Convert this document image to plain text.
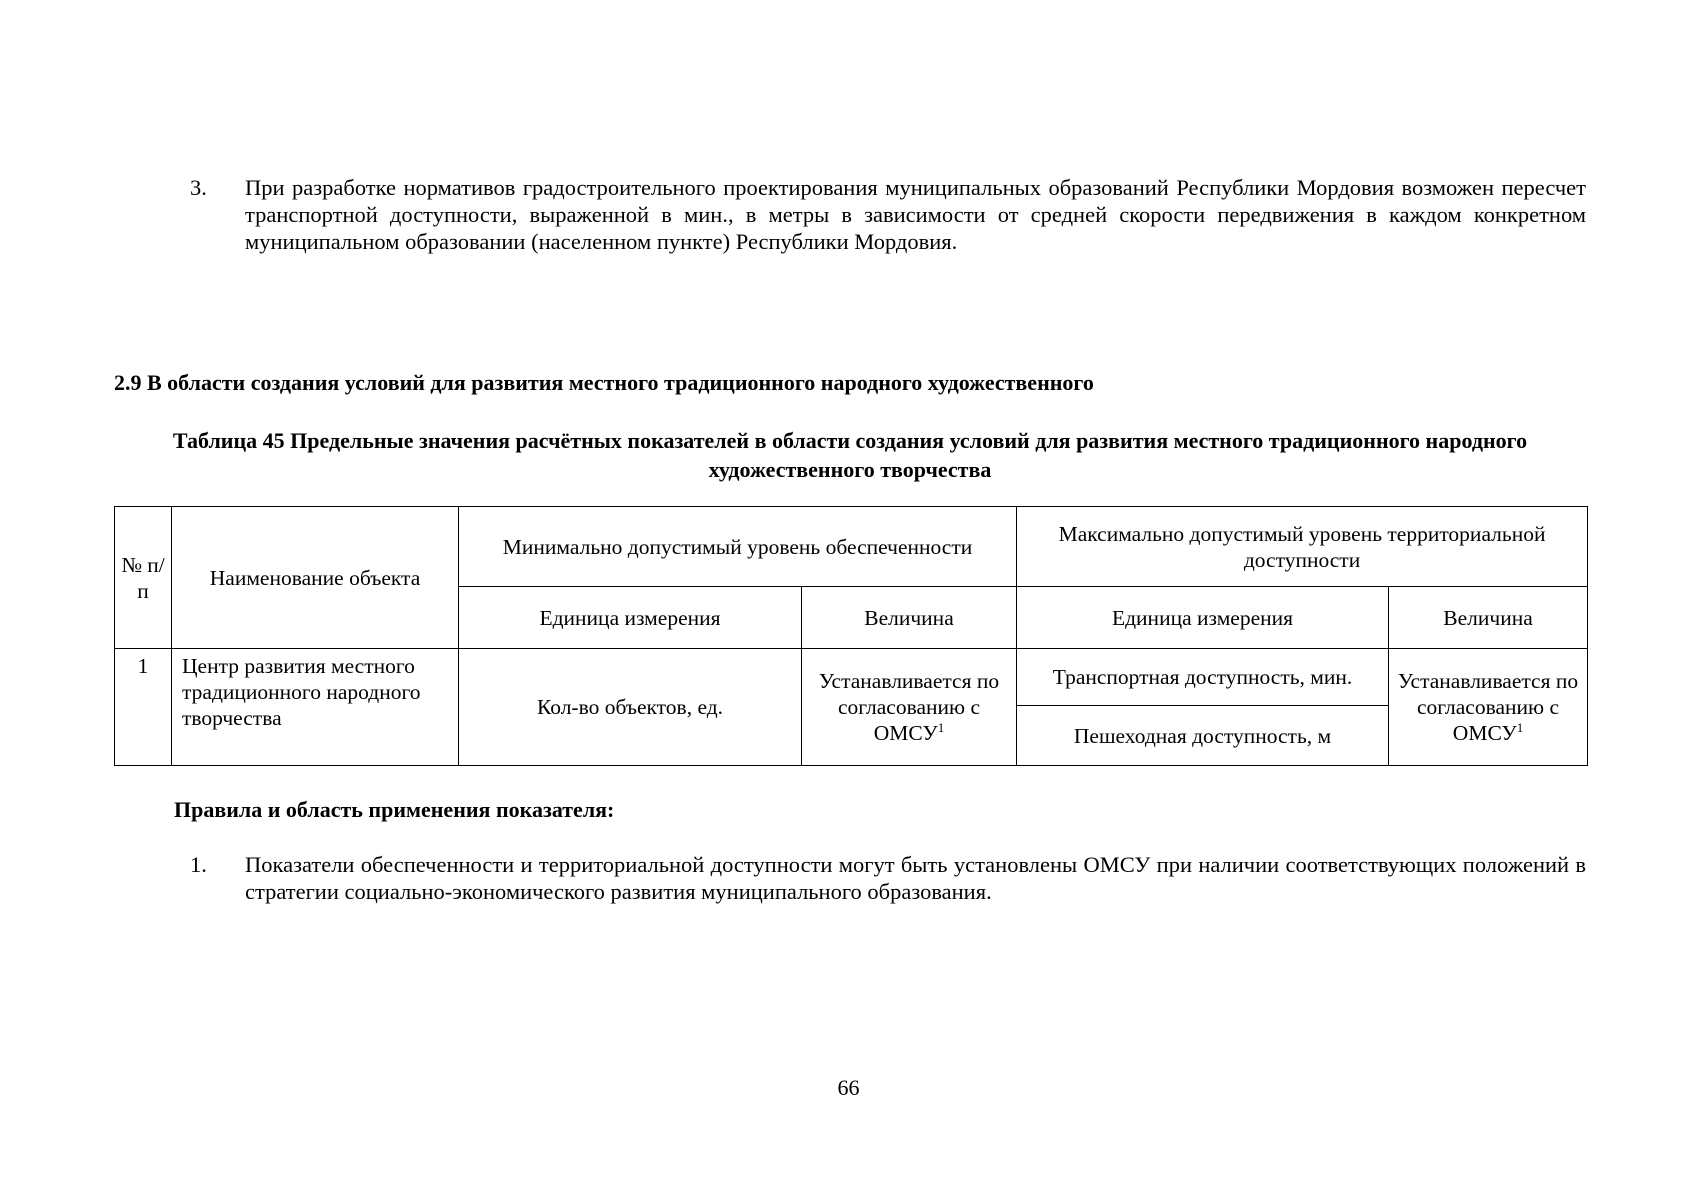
3. При разработке нормативов градостроительного проектирования муниципальных образований Республики Мордовия возможен пересчет транспортной доступности, выраженной в мин., в метры в зависимости от средней скорости передвижения в каждом конкретном муниципальном образовании (населенном пункте) Республики Мордовия.
2.9 В области создания условий для развития местного традиционного народного художественного
Таблица 45 Предельные значения расчётных показателей в области создания условий для развития местного традиционного народного художественного творчества
№ п/п	Наименование объекта	Минимально допустимый уровень обеспеченности		Максимально допустимый уровень территориальной доступности	
		Единица измерения	Величина	Единица измерения	Величина
1	Центр развития местного традиционного народного творчества	Кол-во объектов, ед.	Устанавливается по согласованию с ОМСУ$^1$	Транспортная доступность, мин.	Устанавливается по согласованию с ОМСУ$^1$
				Пешеходная доступность, м	
Правила и область применения показателя:
1. Показатели обеспеченности и территориальной доступности могут быть установлены ОМСУ при наличии соответствующих положений в стратегии социально-экономического развития муниципального образования.
66
